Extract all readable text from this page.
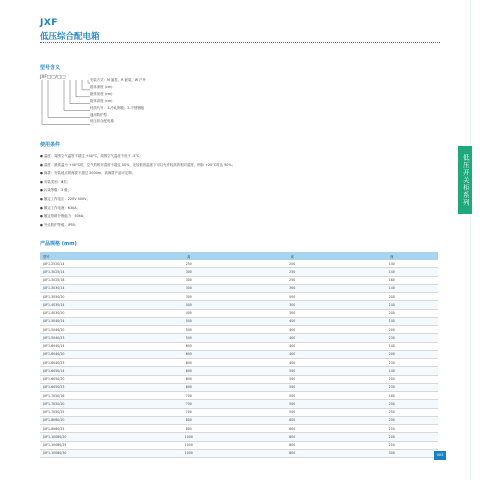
JXF
低压综合配电箱
型号含义
JXF□□/□□	安装方式：M 悬挂，R 嵌装，W 户外
箱体深度 (cm)
箱体宽度 (cm)
箱体高度 (cm)
材质代号：1-冷轧钢板；2-不锈钢板
通用防护型
低压综合配电箱
使用条件
●温度：周围空气温度不超过 +40°C，周围空气温度不低于 -5°C；
●湿度：最高温为 +40°C时，空气的相对湿度不超过 50%，在较低的温度下可以允许较高的相对湿度，例如 +20°C时达 90%；
●海拔：安装地点的海拔不超过 2000m，高海拔产品可定制；
●安装类别：Ⅲ类；
●污染等级：3 级；
●额定工作电压：220V 400V；
●额定工作电流：630A；
●额定短路分断能力：50kA；
●外壳防护等级：IP55；
产品规格 (mm)
型号	高	宽	深
JXF1-2520/14	250	200	140
JXF1-3025/14	300	250	140
JXF1-3025/18	300	250	180
JXF1-3030/14	300	300	140
JXF1-3050/20	300	500	200
JXF1-4030/14	400	300	140
JXF1-4030/20	400	300	200
JXF1-5040/14	500	400	140
JXF1-5040/20	500	400	200
JXF1-5040/23	500	400	230
JXF1-6040/14	600	400	140
JXF1-6040/20	600	400	200
JXF1-6040/23	600	400	230
JXF1-6050/14	600	500	140
JXF1-6050/20	600	500	200
JXF1-6050/23	600	500	230
JXF1-7050/16	700	500	160
JXF1-7050/20	700	500	200
JXF1-7050/25	700	500	250
JXF1-8060/20	800	600	200
JXF1-8060/25	800	600	250
JXF1-10080/20	1000	800	200
JXF1-10080/25	1000	800	250
JXF1-10080/30	1000	800	300
低压开关柜系列
003
